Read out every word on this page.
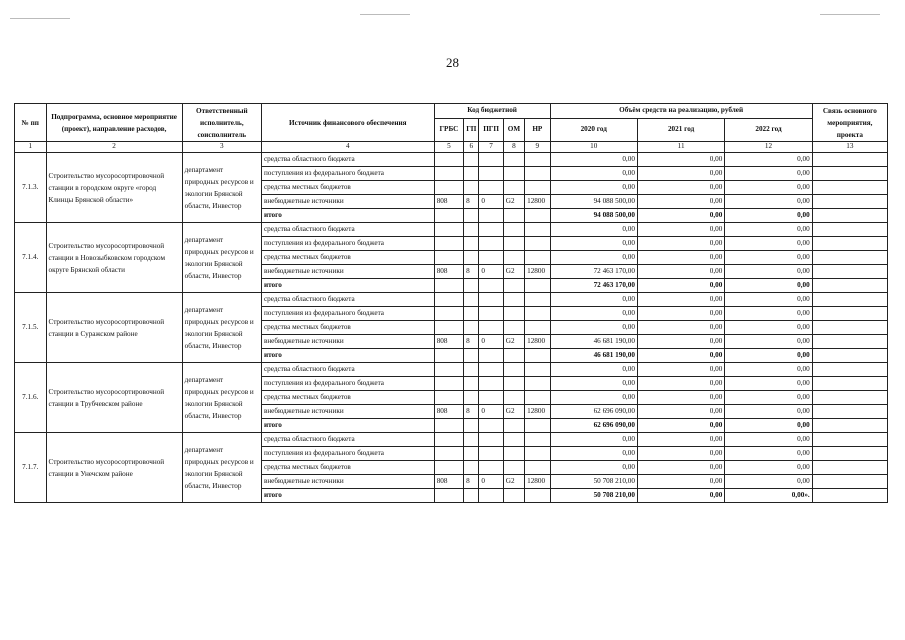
28
№ пп	Подпрограмма, основное мероприятие (проект), направление расходов,	Ответственный исполнитель, соисполнитель	Источник финансового обеспечения	Код бюджетной					Объём средств на реализацию, рублей			Связь основного мероприятия, проекта
				ГРБС	ГП	ПГП	ОМ	НР	2020 год	2021 год	2022 год	
1	2	3	4	5	6	7	8	9	10	11	12	13
7.1.3.	Строительство мусоросортировочной станции в городском округе «город Клинцы Брянской области»	департамент природных ресурсов и экологии Брянской области, Инвестор	средства областного бюджета						0,00	0,00	0,00	
			поступления из федерального бюджета						0,00	0,00	0,00	
			средства местных бюджетов						0,00	0,00	0,00	
			внебюджетные источники	808	8	0	G2	12800	94 088 500,00	0,00	0,00	
			итого						94 088 500,00	0,00	0,00	
7.1.4.	Строительство мусоросортировочной станции в Новозыбковском городском округе Брянской области	департамент природных ресурсов и экологии Брянской области, Инвестор	средства областного бюджета						0,00	0,00	0,00	
			поступления из федерального бюджета						0,00	0,00	0,00	
			средства местных бюджетов						0,00	0,00	0,00	
			внебюджетные источники	808	8	0	G2	12800	72 463 170,00	0,00	0,00	
			итого						72 463 170,00	0,00	0,00	
7.1.5.	Строительство мусоросортировочной станции в Суражском районе	департамент природных ресурсов и экологии Брянской области, Инвестор	средства областного бюджета						0,00	0,00	0,00	
			поступления из федерального бюджета						0,00	0,00	0,00	
			средства местных бюджетов						0,00	0,00	0,00	
			внебюджетные источники	808	8	0	G2	12800	46 681 190,00	0,00	0,00	
			итого						46 681 190,00	0,00	0,00	
7.1.6.	Строительство мусоросортировочной станции в Трубчевском районе	департамент природных ресурсов и экологии Брянской области, Инвестор	средства областного бюджета						0,00	0,00	0,00	
			поступления из федерального бюджета						0,00	0,00	0,00	
			средства местных бюджетов						0,00	0,00	0,00	
			внебюджетные источники	808	8	0	G2	12800	62 696 090,00	0,00	0,00	
			итого						62 696 090,00	0,00	0,00	
7.1.7.	Строительство мусоросортировочной станции в Унечском районе	департамент природных ресурсов и экологии Брянской области, Инвестор	средства областного бюджета						0,00	0,00	0,00	
			поступления из федерального бюджета						0,00	0,00	0,00	
			средства местных бюджетов						0,00	0,00	0,00	
			внебюджетные источники	808	8	0	G2	12800	50 708 210,00	0,00	0,00	
			итого						50 708 210,00	0,00	0,00».	
